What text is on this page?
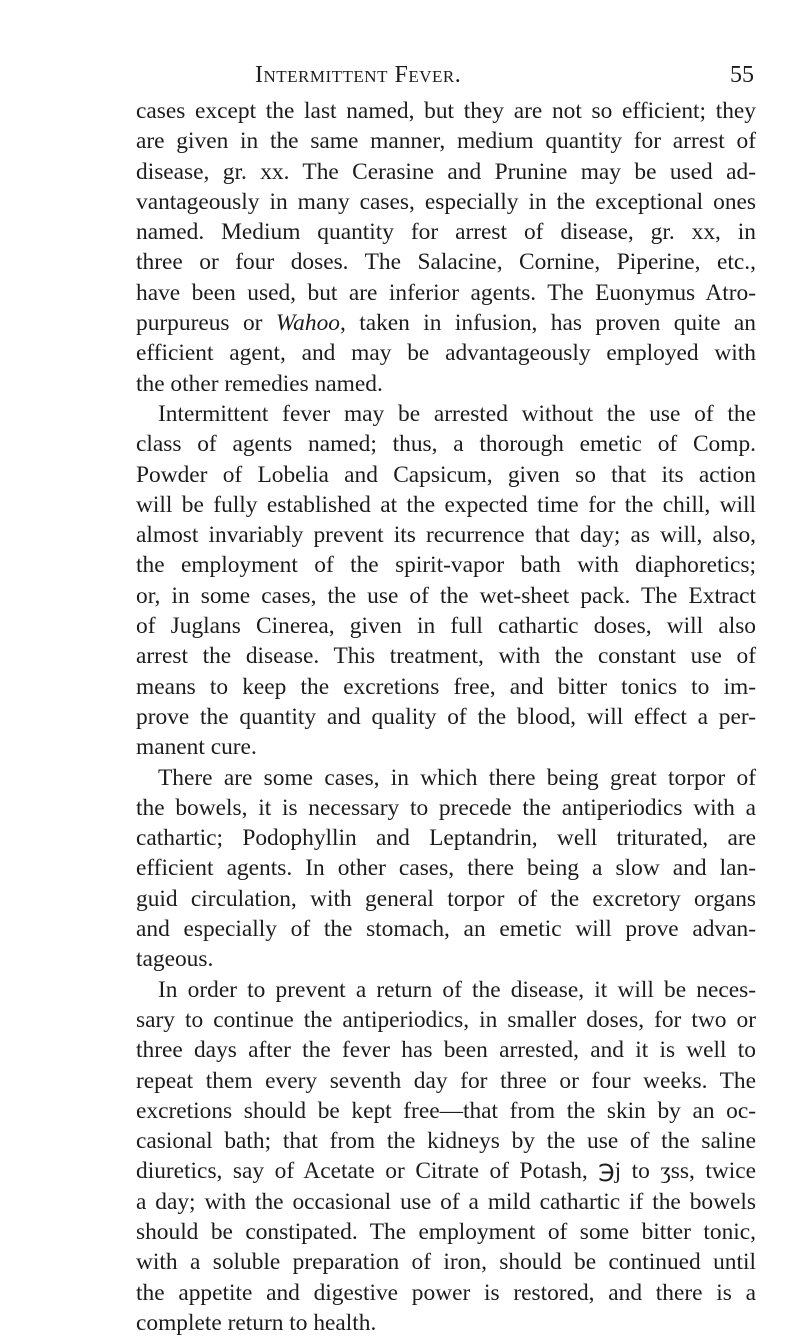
Intermittent Fever.	55
cases except the last named, but they are not so efficient; they
are given in the same manner, medium quantity for arrest of
disease, gr. xx. The Cerasine and Prunine may be used ad-
vantageously in many cases, especially in the exceptional ones
named. Medium quantity for arrest of disease, gr. xx, in
three or four doses. The Salacine, Cornine, Piperine, etc.,
have been used, but are inferior agents. The Euonymus Atro-
purpureus or Wahoo, taken in infusion, has proven quite an
efficient agent, and may be advantageously employed with
the other remedies named.
Intermittent fever may be arrested without the use of the
class of agents named; thus, a thorough emetic of Comp.
Powder of Lobelia and Capsicum, given so that its action
will be fully established at the expected time for the chill, will
almost invariably prevent its recurrence that day; as will, also,
the employment of the spirit-vapor bath with diaphoretics;
or, in some cases, the use of the wet-sheet pack. The Extract
of Juglans Cinerea, given in full cathartic doses, will also
arrest the disease. This treatment, with the constant use of
means to keep the excretions free, and bitter tonics to im-
prove the quantity and quality of the blood, will effect a per-
manent cure.
There are some cases, in which there being great torpor of
the bowels, it is necessary to precede the antiperiodics with a
cathartic; Podophyllin and Leptandrin, well triturated, are
efficient agents. In other cases, there being a slow and lan-
guid circulation, with general torpor of the excretory organs
and especially of the stomach, an emetic will prove advan-
tageous.
In order to prevent a return of the disease, it will be neces-
sary to continue the antiperiodics, in smaller doses, for two or
three days after the fever has been arrested, and it is well to
repeat them every seventh day for three or four weeks. The
excretions should be kept free—that from the skin by an oc-
casional bath; that from the kidneys by the use of the saline
diuretics, say of Acetate or Citrate of Potash, ℈j to ʒss, twice
a day; with the occasional use of a mild cathartic if the bowels
should be constipated. The employment of some bitter tonic,
with a soluble preparation of iron, should be continued until
the appetite and digestive power is restored, and there is a
complete return to health.
